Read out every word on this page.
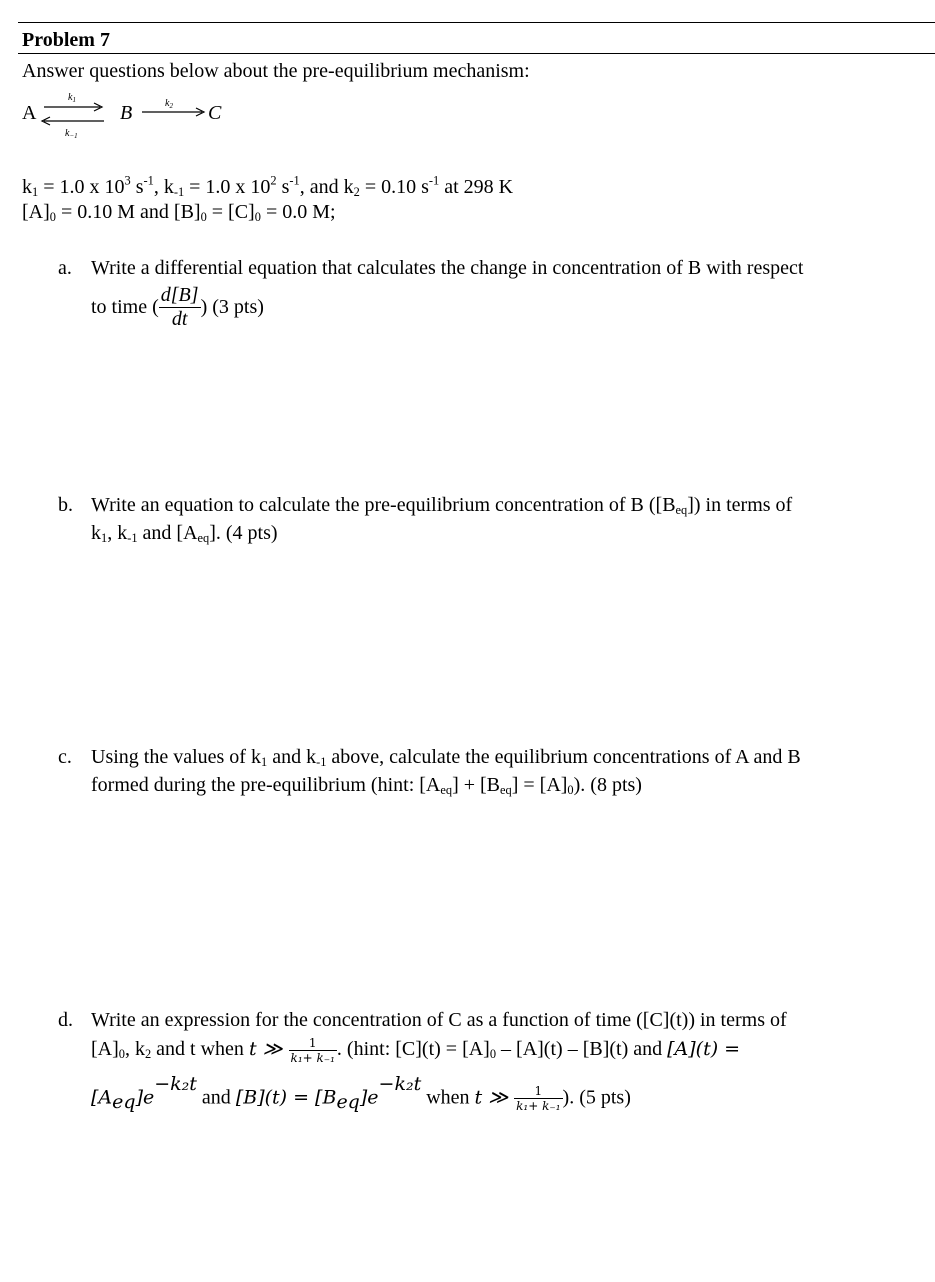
Problem 7
Answer questions below about the pre-equilibrium mechanism:
A
$k_1$
$k_{-1}$
B	$k_2$ C
$k_1 = 1.0$ x $10^3$ $s^{-1}$, $k_{-1} = 1.0$ x $10^2$ $s^{-1}$, and $k_2 = 0.10$ $s^{-1}$ at 298 K
$[A]_0 = 0.10$ M and $[B]_0 = [C]_0 = 0.0$ M;
a. Write a differential equation that calculates the change in concentration of B with respect
to time ( $\frac{d[B]}{dt}$ ) (3 pts)
b. Write an equation to calculate the pre-equilibrium concentration of B $([B_{eq}])$ in terms of
$k_1$, $k_{-1}$ and $[A_{eq}]$. (4 pts)
c. Using the values of $k_1$ and $k_{-1}$ above, calculate the equilibrium concentrations of A and B
formed during the pre-equilibrium (hint: $[A_{eq}] + [B_{eq}] = [A]_0$). (8 pts)
d. Write an expression for the concentration of C as a function of time ([C](t)) in terms of
$[A]_0$, $k_2$ and t when t ≫ $\frac{1}{\text{k₁+ k₋₁}}$ . (hint: $[C](t) = [A]_0 - [A](t) - [B](t)$ and [A](t) =
$[A_{eq}]e^{-k_2t}$ and $[B](t) = [B_{eq}]e^{-k_2t}$ when t ≫ $\frac{1}{\text{k₁+ k₋₁}}$ ). (5 pts)
